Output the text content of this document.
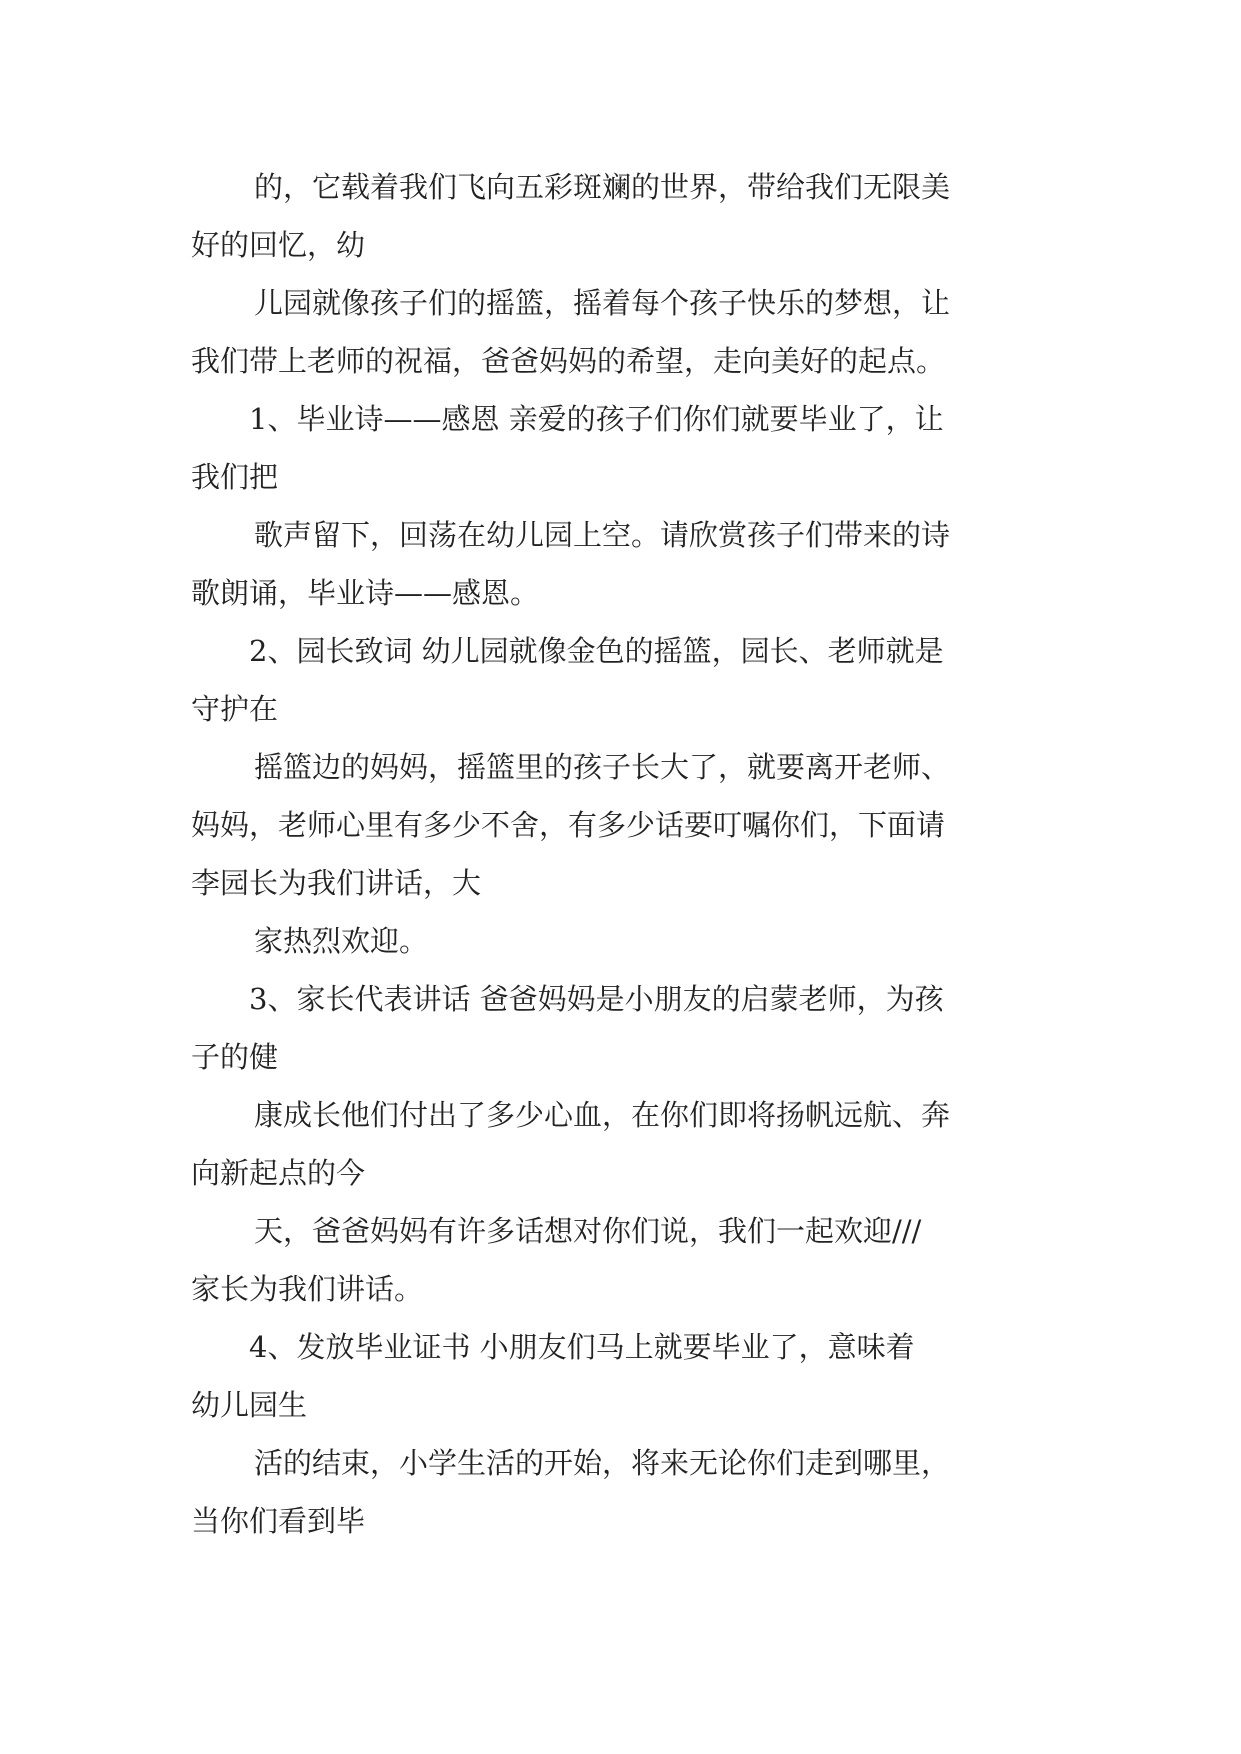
的，它载着我们飞向五彩斑斓的世界，带给我们无限美
好的回忆，幼
儿园就像孩子们的摇篮，摇着每个孩子快乐的梦想，让
我们带上老师的祝福，爸爸妈妈的希望，走向美好的起点。
1、毕业诗——感恩 亲爱的孩子们你们就要毕业了，让
我们把
歌声留下，回荡在幼儿园上空。请欣赏孩子们带来的诗
歌朗诵，毕业诗——感恩。
2、园长致词 幼儿园就像金色的摇篮，园长、老师就是
守护在
摇篮边的妈妈，摇篮里的孩子长大了，就要离开老师、
妈妈，老师心里有多少不舍，有多少话要叮嘱你们，下面请
李园长为我们讲话，大
家热烈欢迎。
3、家长代表讲话 爸爸妈妈是小朋友的启蒙老师，为孩
子的健
康成长他们付出了多少心血，在你们即将扬帆远航、奔
向新起点的今
天，爸爸妈妈有许多话想对你们说，我们一起欢迎///
家长为我们讲话。
4、发放毕业证书 小朋友们马上就要毕业了，意味着
幼儿园生
活的结束，小学生活的开始，将来无论你们走到哪里，
当你们看到毕
